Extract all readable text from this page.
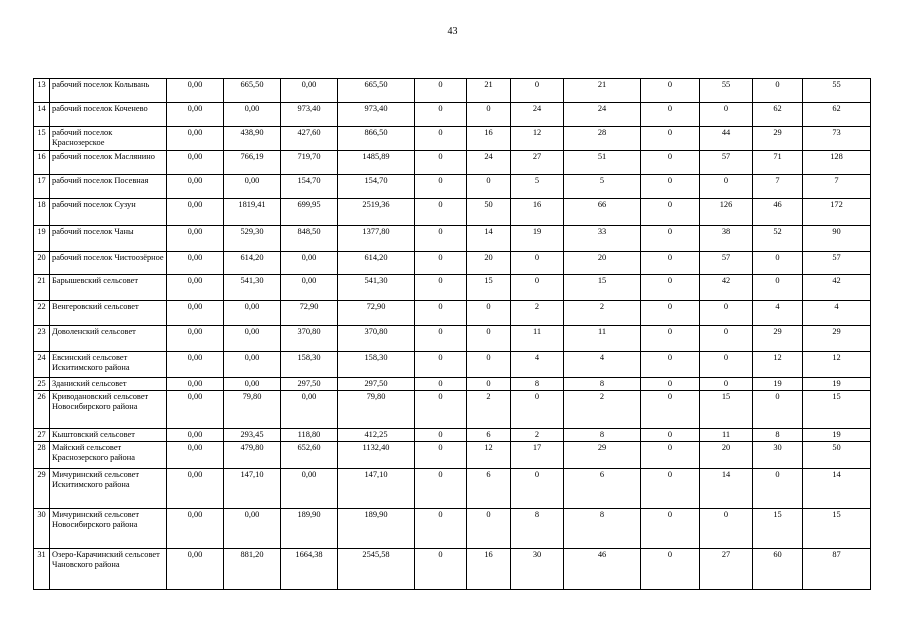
43
13	рабочий поселок Колывань	0,00	665,50	0,00	665,50	0	21	0	21	0	55	0	55
14	рабочий поселок Коченево	0,00	0,00	973,40	973,40	0	0	24	24	0	0	62	62
15	рабочий поселок Краснозерское	0,00	438,90	427,60	866,50	0	16	12	28	0	44	29	73
16	рабочий поселок Маслянино	0,00	766,19	719,70	1485,89	0	24	27	51	0	57	71	128
17	рабочий поселок Посевная	0,00	0,00	154,70	154,70	0	0	5	5	0	0	7	7
18	рабочий поселок Сузун	0,00	1819,41	699,95	2519,36	0	50	16	66	0	126	46	172
19	рабочий поселок Чаны	0,00	529,30	848,50	1377,80	0	14	19	33	0	38	52	90
20	рабочий поселок Чистоозёрное	0,00	614,20	0,00	614,20	0	20	0	20	0	57	0	57
21	Барышевский сельсовет	0,00	541,30	0,00	541,30	0	15	0	15	0	42	0	42
22	Венгеровский сельсовет	0,00	0,00	72,90	72,90	0	0	2	2	0	0	4	4
23	Доволенский сельсовет	0,00	0,00	370,80	370,80	0	0	11	11	0	0	29	29
24	Евсинский сельсовет Искитимского района	0,00	0,00	158,30	158,30	0	0	4	4	0	0	12	12
25	Зданиский сельсовет	0,00	0,00	297,50	297,50	0	0	8	8	0	0	19	19
26	Криводановский сельсовет Новосибирского района	0,00	79,80	0,00	79,80	0	2	0	2	0	15	0	15
27	Кыштовский сельсовет	0,00	293,45	118,80	412,25	0	6	2	8	0	11	8	19
28	Майский сельсовет Краснозерского района	0,00	479,80	652,60	1132,40	0	12	17	29	0	20	30	50
29	Мичуринский сельсовет Искитимского района	0,00	147,10	0,00	147,10	0	6	0	6	0	14	0	14
30	Мичуринский сельсовет Новосибирского района	0,00	0,00	189,90	189,90	0	0	8	8	0	0	15	15
31	Озеро-Карачинский сельсовет Чановского района	0,00	881,20	1664,38	2545,58	0	16	30	46	0	27	60	87
